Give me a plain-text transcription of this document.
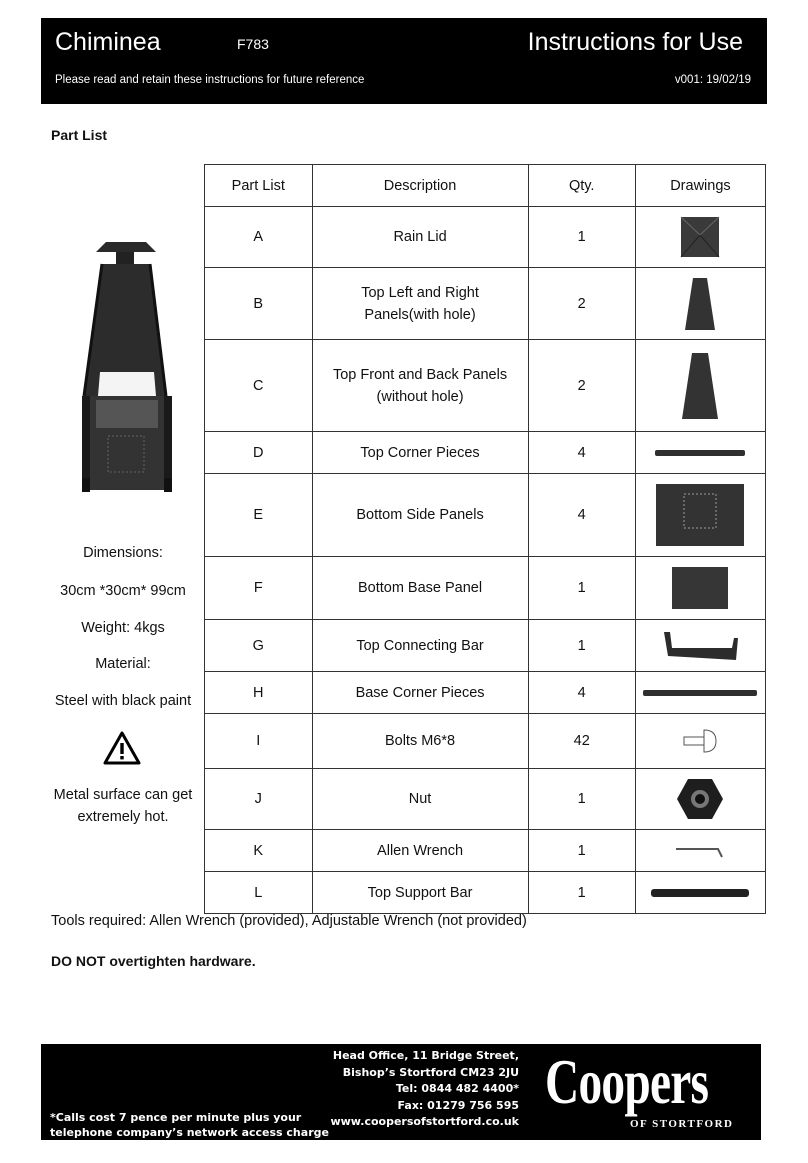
Chiminea	F783	Instructions for Use
Please read and retain these instructions for future reference	v001: 19/02/19
Part List
Dimensions:
30cm *30cm* 99cm
Weight: 4kgs
Material:
Steel with black paint
Metal surface can get
extremely hot.
Part List	Description	Qty.	Drawings
A	Rain Lid	1	

B	Top Left and Right Panels(with hole)	2	

C	Top Front and Back Panels (without hole)	2	

D	Top Corner Pieces	4	

E	Bottom Side Panels	4	

F	Bottom Base Panel	1	

G	Top Connecting Bar	1	

H	Base Corner Pieces	4	

I	Bolts M6*8	42	

J	Nut	1	

K	Allen Wrench	1	

L	Top Support Bar	1	
Tools required: Allen Wrench (provided), Adjustable Wrench (not provided)
DO NOT overtighten hardware.
Head Office, 11 Bridge Street,
Bishop’s Stortford CM23 2JU
Tel: 0844 482 4400*
Fax: 01279 756 595
www.coopersofstortford.co.uk
*Calls cost 7 pence per minute plus your
telephone company’s network access charge
Coopers
OF STORTFORD
